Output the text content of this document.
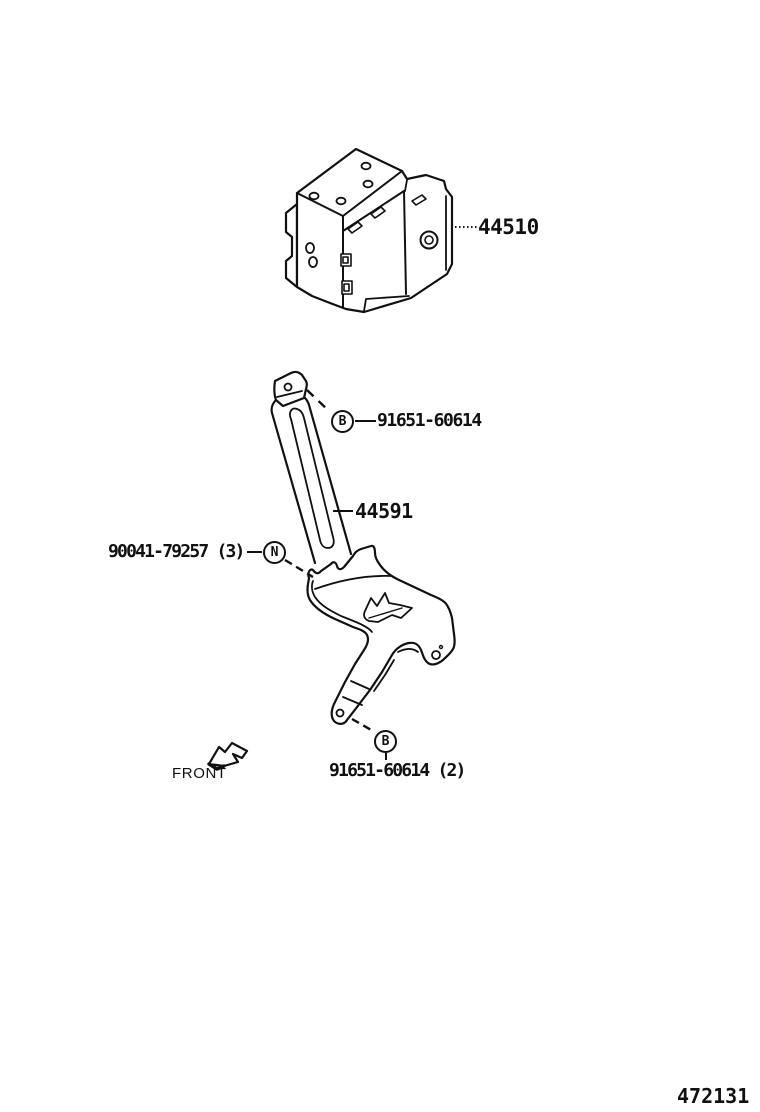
44510
44591
B	91651-60614
N
90041-79257 (3)
B
91651-60614 (2)
FRONT
472131
